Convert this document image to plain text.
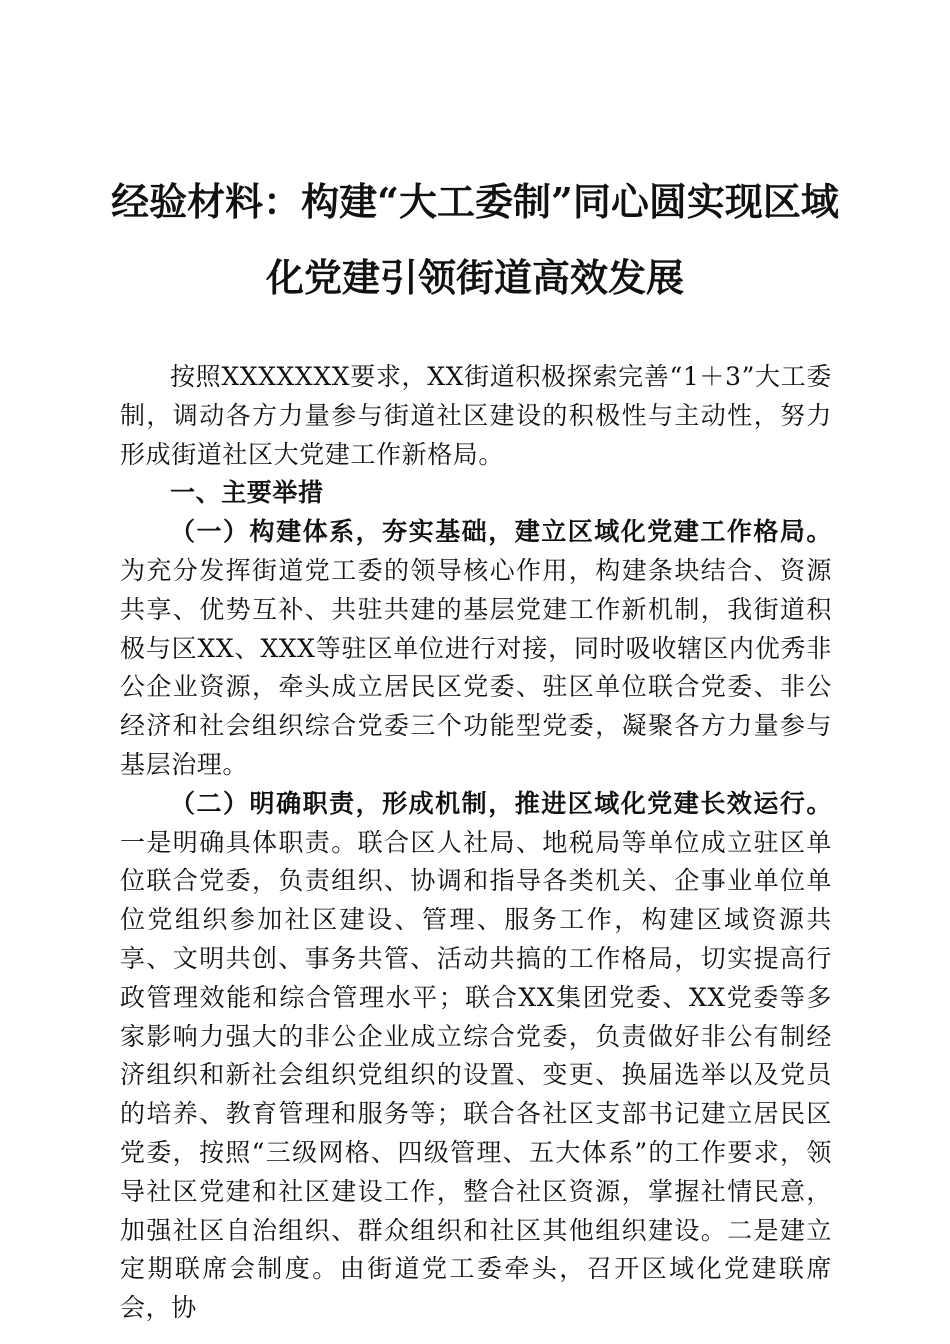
经验材料：构建“大工委制”同心圆实现区域
化党建引领街道高效发展

按照XXXXXXX要求，XX街道积极探索完善“1＋3”大工委制，调动各方力量参与街道社区建设的积极性与主动性，努力形成街道社区大党建工作新格局。

一、主要举措

（一）构建体系，夯实基础，建立区域化党建工作格局。为充分发挥街道党工委的领导核心作用，构建条块结合、资源共享、优势互补、共驻共建的基层党建工作新机制，我街道积极与区XX、XXX等驻区单位进行对接，同时吸收辖区内优秀非公企业资源，牵头成立居民区党委、驻区单位联合党委、非公经济和社会组织综合党委三个功能型党委，凝聚各方力量参与基层治理。

（二）明确职责，形成机制，推进区域化党建长效运行。一是明确具体职责。联合区人社局、地税局等单位成立驻区单位联合党委，负责组织、协调和指导各类机关、企事业单位单位党组织参加社区建设、管理、服务工作，构建区域资源共享、文明共创、事务共管、活动共搞的工作格局，切实提高行政管理效能和综合管理水平；联合XX集团党委、XX党委等多家影响力强大的非公企业成立综合党委，负责做好非公有制经济组织和新社会组织党组织的设置、变更、换届选举以及党员的培养、教育管理和服务等；联合各社区支部书记建立居民区党委，按照“三级网格、四级管理、五大体系”的工作要求，领导社区党建和社区建设工作，整合社区资源，掌握社情民意，加强社区自治组织、群众组织和社区其他组织建设。二是建立定期联席会制度。由街道党工委牵头，召开区域化党建联席会，协
